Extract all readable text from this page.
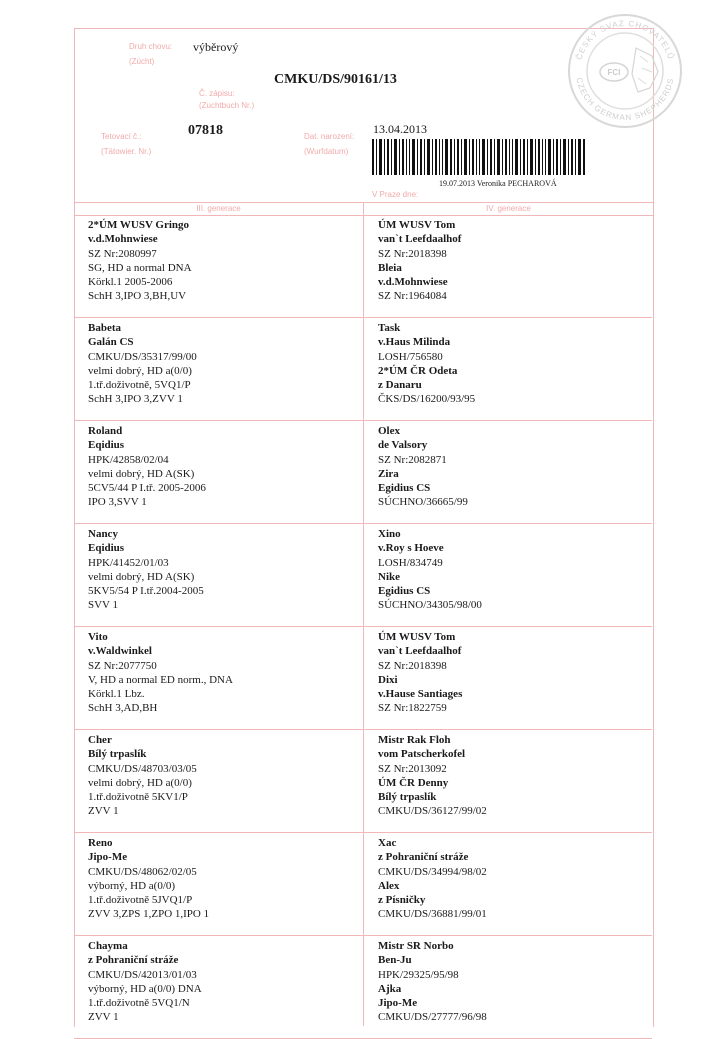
Druh chovu:
(Zücht)
výběrový
CMKU/DS/90161/13
Č. zápisu:
(Zuchtbuch Nr.)
Tetovací č.:
(Tätowier. Nr.)
07818	Dat. narození:
(Wurfdatum)
13.04.2013
19.07.2013 Veronika PECHAROVÁ
V Praze dne:
ČESKÝ SVAZ CHOVATELŮ
CZECH GERMAN SHEPHERDS
FCI
III. generace	IV. generace
2*ÚM WUSV Gringo
v.d.Mohnwiese
SZ Nr:2080997
SG, HD a normal DNA
Körkl.1 2005-2006
SchH 3,IPO 3,BH,UV
ÚM WUSV Tom
van`t Leefdaalhof
SZ Nr:2018398
Bleia
v.d.Mohnwiese
SZ Nr:1964084
Babeta
Galán CS
CMKU/DS/35317/99/00
velmi dobrý, HD a(0/0)
1.tř.doživotně, 5VQ1/P
SchH 3,IPO 3,ZVV 1
Task
v.Haus Milinda
LOSH/756580
2*ÚM ČR Odeta
z Danaru
ČKS/DS/16200/93/95
Roland
Eqidius
HPK/42858/02/04
velmi dobrý, HD A(SK)
5CV5/44 P I.tř. 2005-2006
IPO 3,SVV 1
Olex
de Valsory
SZ Nr:2082871
Zira
Egidius CS
SÚCHNO/36665/99
Nancy
Eqidius
HPK/41452/01/03
velmi dobrý, HD A(SK)
5KV5/54 P I.tř.2004-2005
SVV 1
Xino
v.Roy s Hoeve
LOSH/834749
Nike
Egidius CS
SÚCHNO/34305/98/00
Vito
v.Waldwinkel
SZ Nr:2077750
V, HD a normal ED norm., DNA
Körkl.1 Lbz.
SchH 3,AD,BH
ÚM WUSV Tom
van`t Leefdaalhof
SZ Nr:2018398
Dixi
v.Hause Santiages
SZ Nr:1822759
Cher
Bílý trpaslík
CMKU/DS/48703/03/05
velmi dobrý, HD a(0/0)
1.tř.doživotně 5KV1/P
ZVV 1
Mistr Rak Floh
vom Patscherkofel
SZ Nr:2013092
ÚM ČR Denny
Bílý trpaslík
CMKU/DS/36127/99/02
Reno
Jipo-Me
CMKU/DS/48062/02/05
výborný, HD a(0/0)
1.tř.doživotně 5JVQ1/P
ZVV 3,ZPS 1,ZPO 1,IPO 1
Xac
z Pohraniční stráže
CMKU/DS/34994/98/02
Alex
z Písničky
CMKU/DS/36881/99/01
Chayma
z Pohraniční stráže
CMKU/DS/42013/01/03
výborný, HD a(0/0) DNA
1.tř.doživotně 5VQ1/N
ZVV 1
Mistr SR Norbo
Ben-Ju
HPK/29325/95/98
Ajka
Jipo-Me
CMKU/DS/27777/96/98
